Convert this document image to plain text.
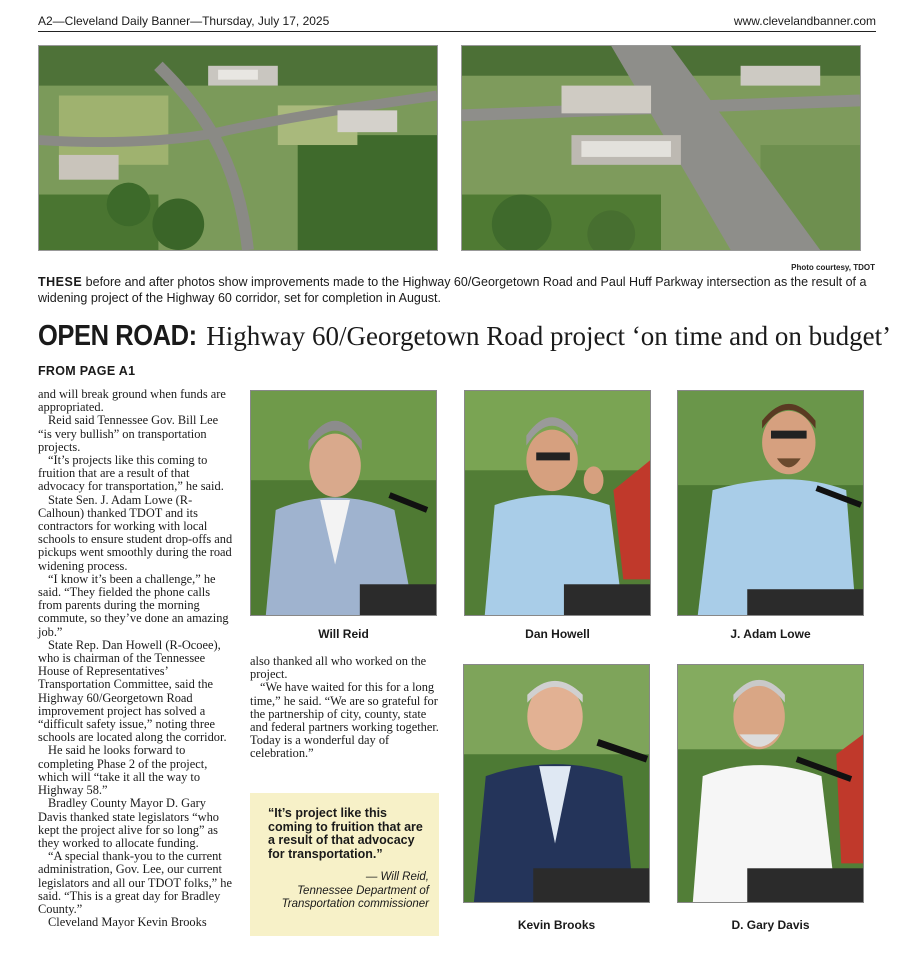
A2—Cleveland Daily Banner—Thursday, July 17, 2025	www.clevelandbanner.com
Photo courtesy, TDOT
THESE before and after photos show improvements made to the Highway 60/Georgetown Road and Paul Huff Parkway intersection as the result of a widening project of the Highway 60 corridor, set for completion in August.
OPEN ROAD: Highway 60/Georgetown Road project ‘on time and on budget’
FROM PAGE A1

and will break ground when funds are appropriated.

Reid said Tennessee Gov. Bill Lee “is very bullish” on transportation projects.

“It’s projects like this coming to fruition that are a result of that advocacy for transportation,” he said.

State Sen. J. Adam Lowe (R-Calhoun) thanked TDOT and its contractors for working with local schools to ensure student drop-offs and pickups went smoothly during the road widening process.

“I know it’s been a challenge,” he said. “They fielded the phone calls from parents during the morning commute, so they’ve done an amazing job.”

State Rep. Dan Howell (R-Ocoee), who is chairman of the Tennessee House of Representatives’ Transportation Committee, said the Highway 60/Georgetown Road improvement project has solved a “difficult safety issue,” noting three schools are located along the corridor.

He said he looks forward to completing Phase 2 of the project, which will “take it all the way to Highway 58.”

Bradley County Mayor D. Gary Davis thanked state legislators “who kept the project alive for so long” as they worked to allocate funding.

“A special thank-you to the current administration, Gov. Lee, our current legislators and all our TDOT folks,” he said. “This is a great day for Bradley County.”

Cleveland Mayor Kevin Brooks

also thanked all who worked on the project.

“We have waited for this for a long time,” he said. “We are so grateful for the partnership of city, county, state and federal partners working together. Today is a wonderful day of celebration.”

“It’s project like this coming to fruition that are a result of that advocacy for transportation.”
— Will Reid,
Tennessee Department of Transportation commissioner
Will Reid	Dan Howell	J. Adam Lowe
Kevin Brooks	D. Gary Davis
